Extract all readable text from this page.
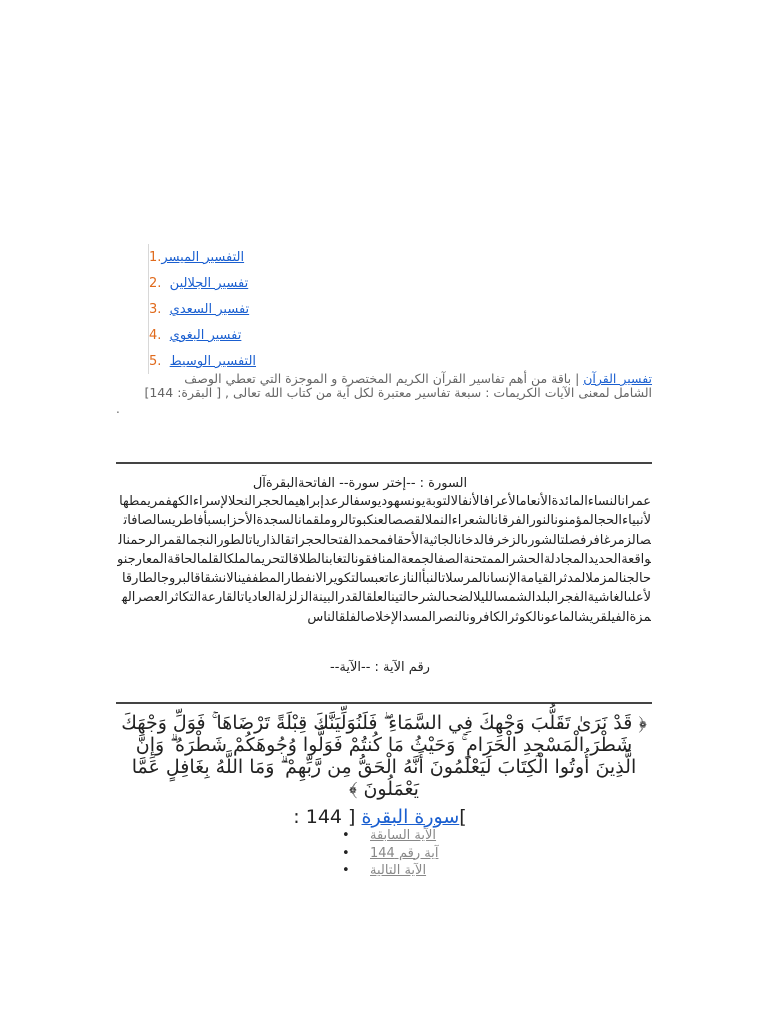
1.التفسير الميسر
2. تفسير الجلالين
3. تفسير السعدي
4. تفسير البغوي
5. التفسير الوسيط
تفسير القرآن | باقة من أهم تفاسير القرآن الكريم المختصرة و الموجزة التي تعطي الوصف
الشامل لمعنى الآيات الكريمات : سبعة تفاسير معتبرة لكل آية من كتاب الله تعالى , [ البقرة: 144]
.
السورة : --إختر سورة-- الفاتحةالبقرةآل
عمرانالنساءالمائدةالأنعامالأعرافالأنفالالتوبةيونسهوديوسفالرعدإبراهيمالحجرالنحلالإسراءالكهفمريمطهالأنبياءالحجالمؤمنونالنورالفرقانالشعراءالنملالقصصالعنكبوتالروملقمانالسجدةالأحزابسبأفاطريسالصافاتصالزمرغافرفصلتالشورىالزخرفالدخانالجاثيةالأحقافمحمدالفتحالحجراتقالذارياتالطورالنجمالقمرالرحمنالواقعةالحديدالمجادلةالحشرالممتحنةالصفالجمعةالمنافقونالتغابنالطلاقالتحريمالملكالقلمالحاقةالمعارجنوحالجنالمزملالمدثرالقيامةالإنسانالمرسلاتالنبأالنازعاتعبسالتكويرالانفطارالمطففينالانشقاقالبروجالطارقالأعلىالغاشيةالفجرالبلدالشمسالليلالضحىالشرحالتينالعلقالقدرالبينةالزلزلةالعادياتالقارعةالتكاثرالعصرالهمزةالفيلقريشالماعونالكوثرالكافرونالنصرالمسدالإخلاصالفلقالناس
رقم الآية : --الآية--
﴿ قَدْ نَرَىٰ تَقَلُّبَ وَجْهِكَ فِي السَّمَاءِ ۖ فَلَنُوَلِّيَنَّكَ قِبْلَةً تَرْضَاهَا ۚ فَوَلِّ وَجْهَكَ شَطْرَ الْمَسْجِدِ الْحَرَامِ ۚ وَحَيْثُ مَا كُنتُمْ فَوَلُّوا وُجُوهَكُمْ شَطْرَهُ ۗ وَإِنَّ الَّذِينَ أُوتُوا الْكِتَابَ لَيَعْلَمُونَ أَنَّهُ الْحَقُّ مِن رَّبِّهِمْ ۗ وَمَا اللَّهُ بِغَافِلٍ عَمَّا يَعْمَلُونَ ﴾
: 144 ] سورة البقرة[
• الآية السابقة
• آية رقم 144
• الآية التالية
